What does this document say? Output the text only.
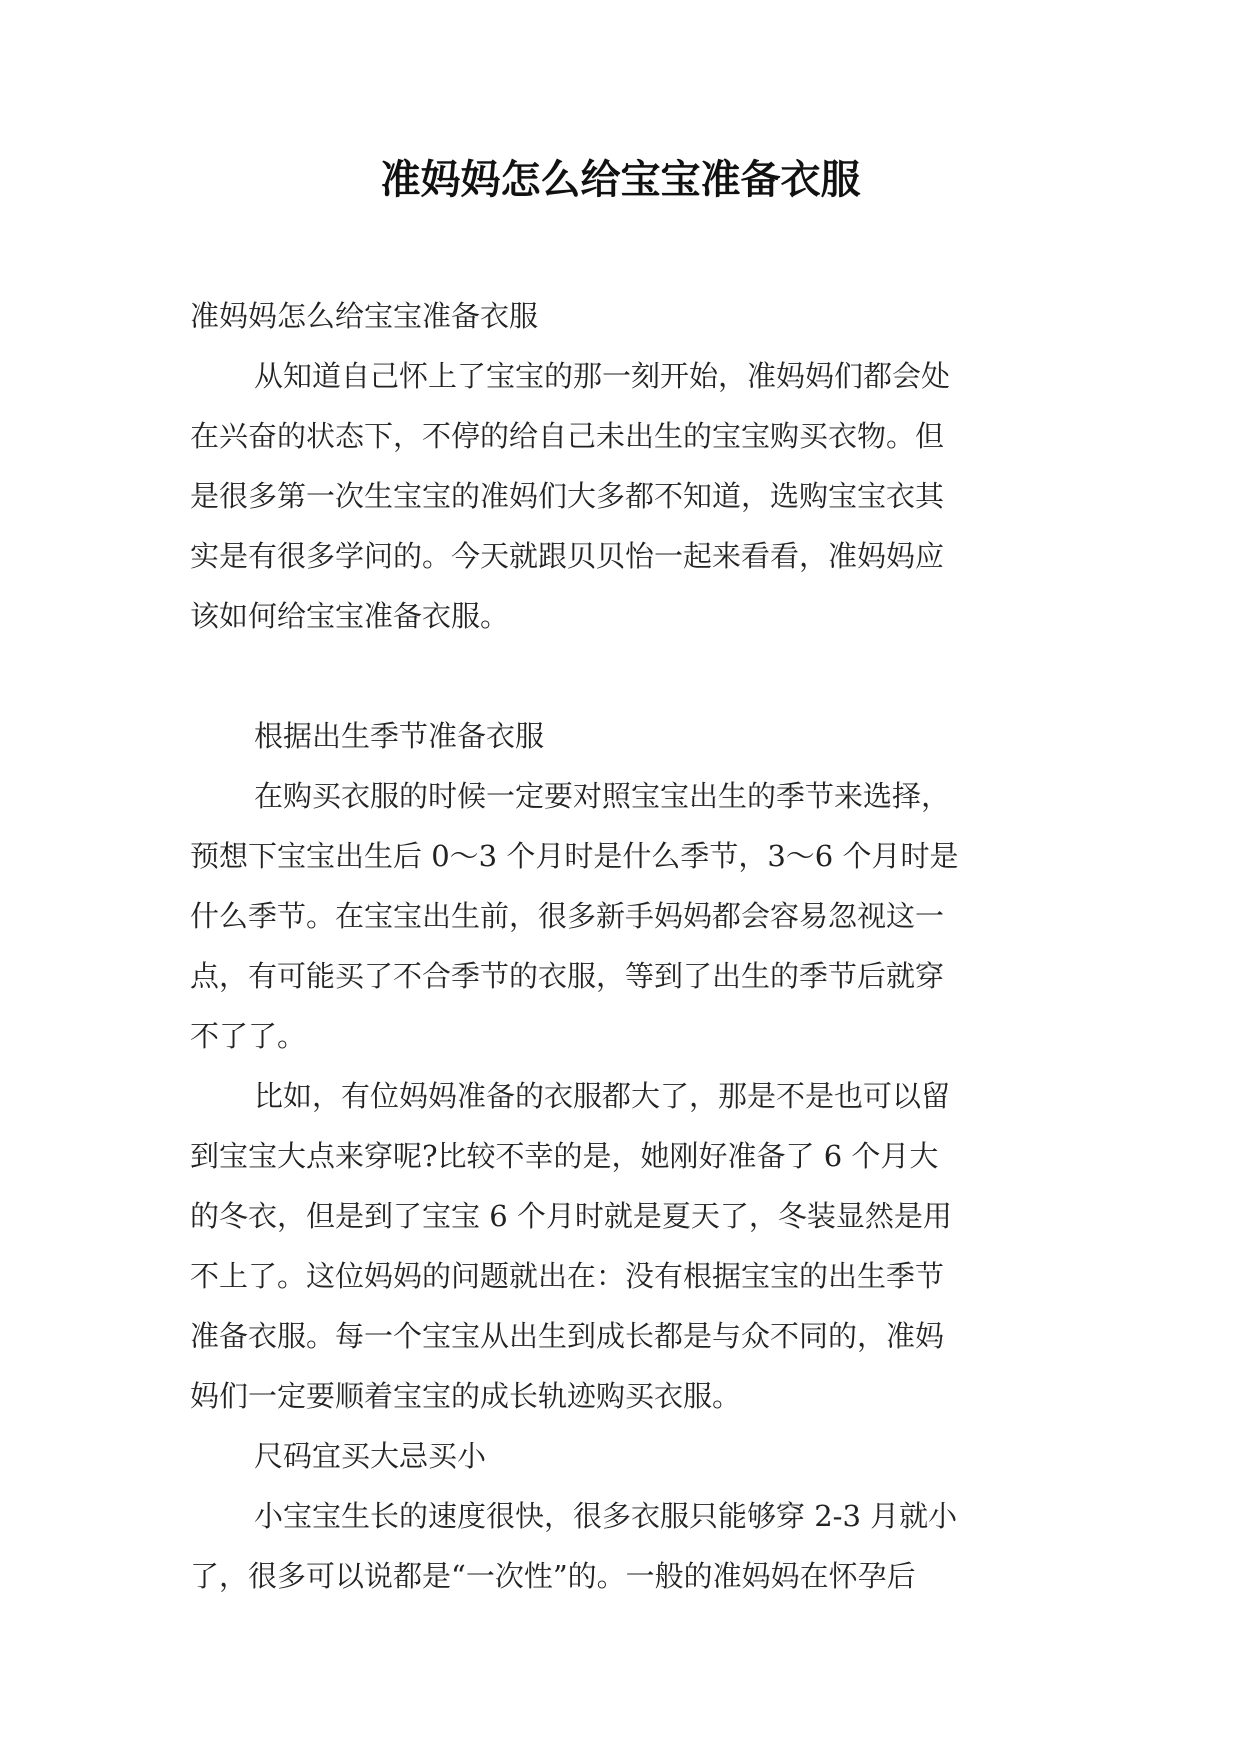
准妈妈怎么给宝宝准备衣服
准妈妈怎么给宝宝准备衣服
从知道自己怀上了宝宝的那一刻开始，准妈妈们都会处
在兴奋的状态下，不停的给自己未出生的宝宝购买衣物。但
是很多第一次生宝宝的准妈们大多都不知道，选购宝宝衣其
实是有很多学问的。今天就跟贝贝怡一起来看看，准妈妈应
该如何给宝宝准备衣服。
根据出生季节准备衣服
在购买衣服的时候一定要对照宝宝出生的季节来选择，
预想下宝宝出生后 0～3 个月时是什么季节，3～6 个月时是
什么季节。在宝宝出生前，很多新手妈妈都会容易忽视这一
点，有可能买了不合季节的衣服，等到了出生的季节后就穿
不了了。
比如，有位妈妈准备的衣服都大了，那是不是也可以留
到宝宝大点来穿呢?比较不幸的是，她刚好准备了 6 个月大
的冬衣，但是到了宝宝 6 个月时就是夏天了，冬装显然是用
不上了。这位妈妈的问题就出在：没有根据宝宝的出生季节
准备衣服。每一个宝宝从出生到成长都是与众不同的，准妈
妈们一定要顺着宝宝的成长轨迹购买衣服。
尺码宜买大忌买小
小宝宝生长的速度很快，很多衣服只能够穿 2-3 月就小
了，很多可以说都是“一次性”的。一般的准妈妈在怀孕后
